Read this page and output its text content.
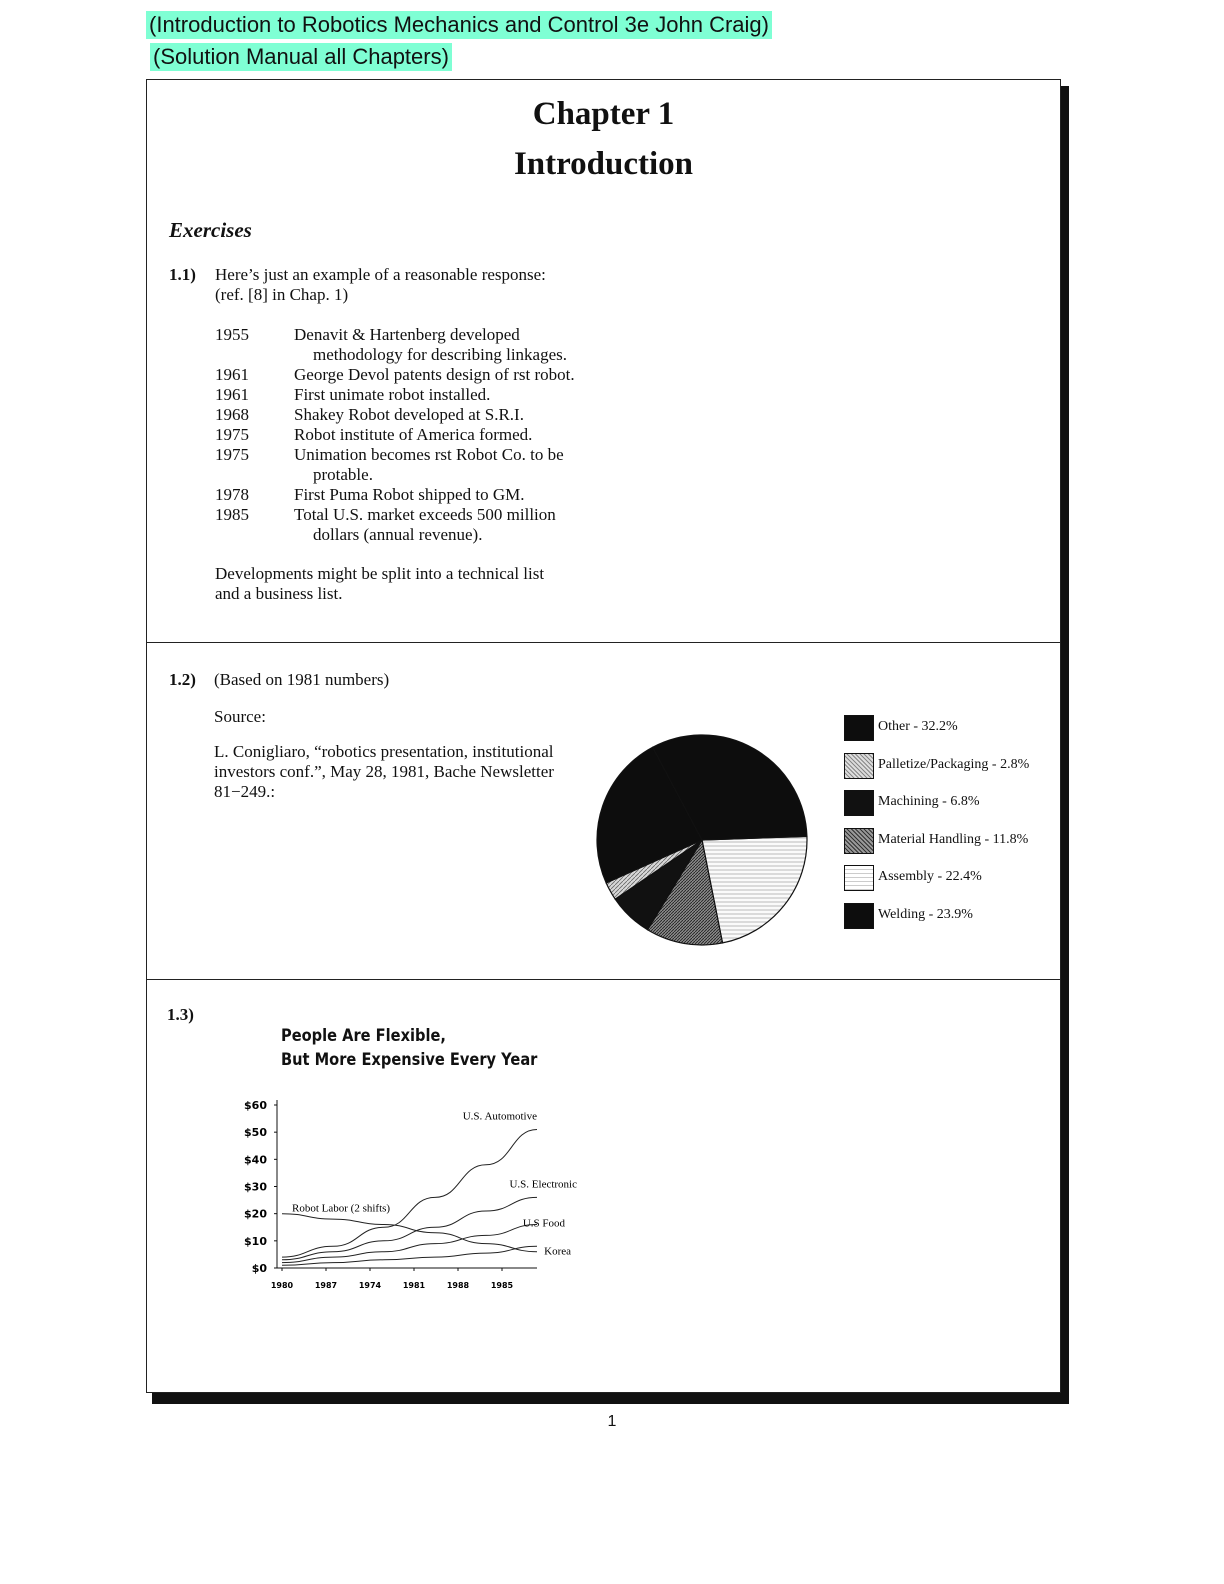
(Introduction to Robotics Mechanics and Control 3e John Craig)
(Solution Manual all Chapters)
Chapter 1
Introduction
Exercises
1.1) Here’s just an example of a reasonable response:
(ref. [8] in Chap. 1)
1955	Denavit & Hartenberg developed
methodology for describing linkages.
1961	George Devol patents design of rst robot.
1961	First unimate robot installed.
1968	Shakey Robot developed at S.R.I.
1975	Robot institute of America formed.
1975	Unimation becomes rst Robot Co. to be
protable.
1978	First Puma Robot shipped to GM.
1985	Total U.S. market exceeds 500 million
dollars (annual revenue).
Developments might be split into a technical list
and a business list.
1.2) (Based on 1981 numbers)
Source:
L. Conigliaro, “robotics presentation, institutional
investors conf.”, May 28, 1981, Bache Newsletter
81−249.:
Other - 32.2%
Palletize/Packaging - 2.8%
Machining - 6.8%
Material Handling - 11.8%
Assembly - 22.4%
Welding - 23.9%
1.3)
People Are Flexible,
But More Expensive Every Year
$60
$50
$40
$30
$20
$10
$0
1980	1987	1974	1981	1988	1985
U.S. Automotive
U.S. Electronic
U.S Food
Korea
Robot Labor (2 shifts)
1
